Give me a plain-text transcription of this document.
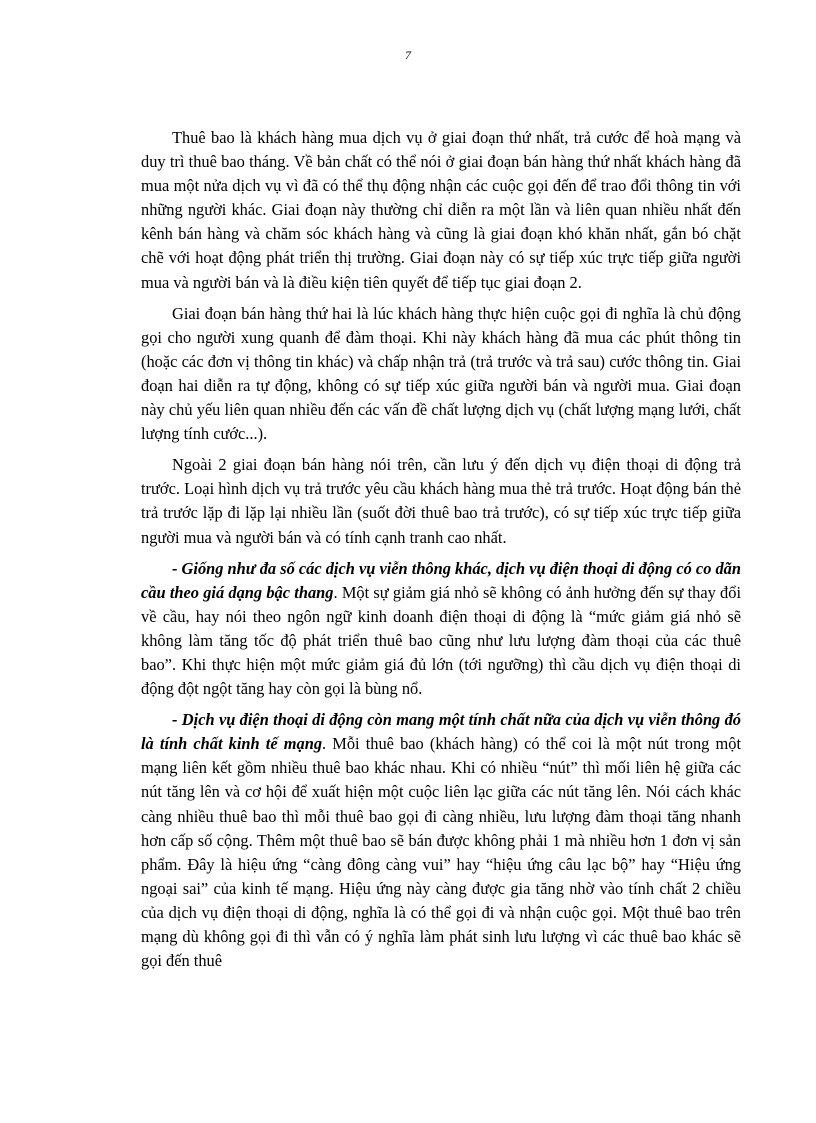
7

Thuê bao là khách hàng mua dịch vụ ở giai đoạn thứ nhất, trả cước để hoà mạng và duy trì thuê bao tháng. Về bản chất có thể nói ở giai đoạn bán hàng thứ nhất khách hàng đã mua một nửa dịch vụ vì đã có thể thụ động nhận các cuộc gọi đến để trao đổi thông tin với những người khác. Giai đoạn này thường chỉ diễn ra một lần và liên quan nhiều nhất đến kênh bán hàng và chăm sóc khách hàng và cũng là giai đoạn khó khăn nhất, gắn bó chặt chẽ với hoạt động phát triển thị trường. Giai đoạn này có sự tiếp xúc trực tiếp giữa người mua và người bán và là điều kiện tiên quyết để tiếp tục giai đoạn 2.

Giai đoạn bán hàng thứ hai là lúc khách hàng thực hiện cuộc gọi đi nghĩa là chủ động gọi cho người xung quanh để đàm thoại. Khi này khách hàng đã mua các phút thông tin (hoặc các đơn vị thông tin khác) và chấp nhận trả (trả trước và trả sau) cước thông tin. Giai đoạn hai diễn ra tự động, không có sự tiếp xúc giữa người bán và người mua. Giai đoạn này chủ yếu liên quan nhiều đến các vấn đề chất lượng dịch vụ (chất lượng mạng lưới, chất lượng tính cước...).

Ngoài 2 giai đoạn bán hàng nói trên, cần lưu ý đến dịch vụ điện thoại di động trả trước. Loại hình dịch vụ trả trước yêu cầu khách hàng mua thẻ trả trước. Hoạt động bán thẻ trả trước lặp đi lặp lại nhiều lần (suốt đời thuê bao trả trước), có sự tiếp xúc trực tiếp giữa người mua và người bán và có tính cạnh tranh cao nhất.

- Giống như đa số các dịch vụ viễn thông khác, dịch vụ điện thoại di động có co dãn cầu theo giá dạng bậc thang. Một sự giảm giá nhỏ sẽ không có ảnh hưởng đến sự thay đổi về cầu, hay nói theo ngôn ngữ kinh doanh điện thoại di động là “mức giảm giá nhỏ sẽ không làm tăng tốc độ phát triển thuê bao cũng như lưu lượng đàm thoại của các thuê bao”. Khi thực hiện một mức giảm giá đủ lớn (tới ngưỡng) thì cầu dịch vụ điện thoại di động đột ngột tăng hay còn gọi là bùng nổ.

- Dịch vụ điện thoại di động còn mang một tính chất nữa của dịch vụ viễn thông đó là tính chất kinh tế mạng. Mỗi thuê bao (khách hàng) có thể coi là một nút trong một mạng liên kết gồm nhiều thuê bao khác nhau. Khi có nhiều “nút” thì mối liên hệ giữa các nút tăng lên và cơ hội để xuất hiện một cuộc liên lạc giữa các nút tăng lên. Nói cách khác càng nhiều thuê bao thì mỗi thuê bao gọi đi càng nhiều, lưu lượng đàm thoại tăng nhanh hơn cấp số cộng. Thêm một thuê bao sẽ bán được không phải 1 mà nhiều hơn 1 đơn vị sản phẩm. Đây là hiệu ứng “càng đông càng vui” hay “hiệu ứng câu lạc bộ” hay “Hiệu ứng ngoại sai” của kinh tế mạng. Hiệu ứng này càng được gia tăng nhờ vào tính chất 2 chiều của dịch vụ điện thoại di động, nghĩa là có thể gọi đi và nhận cuộc gọi. Một thuê bao trên mạng dù không gọi đi thì vẫn có ý nghĩa làm phát sinh lưu lượng vì các thuê bao khác sẽ gọi đến thuê
